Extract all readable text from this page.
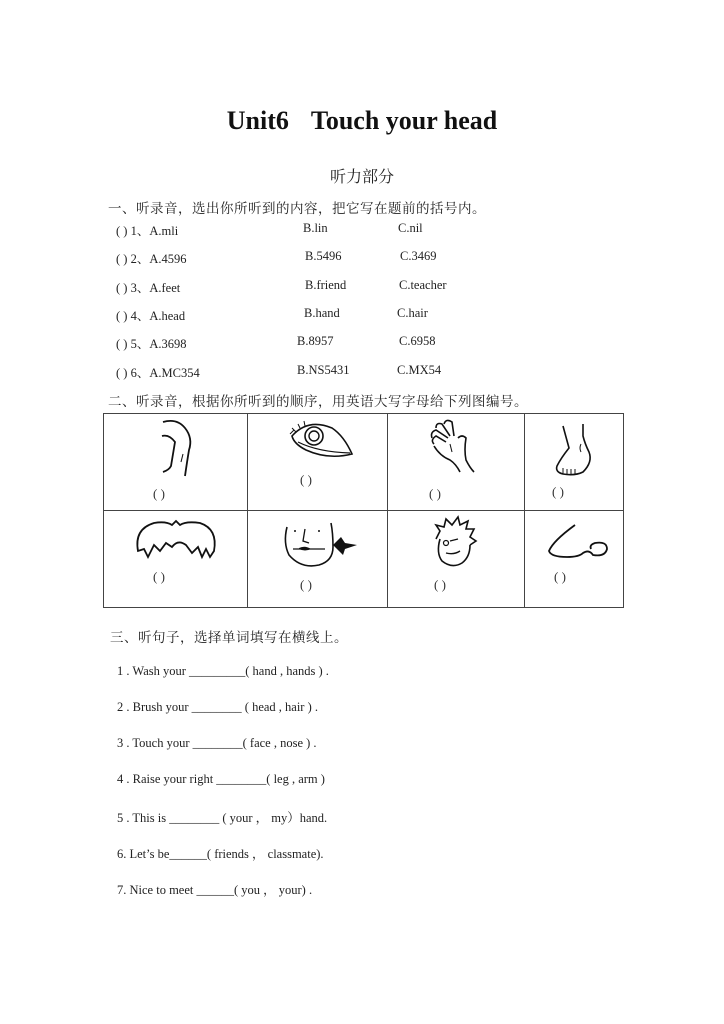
Unit6 Touch your head
听力部分
一、听录音，选出你所听到的内容，把它写在题前的括号内。
( ) 1、A.mli	B.lin	C.nil
( ) 2、A.4596	B.5496	C.3469
( ) 3、A.feet	B.friend	C.teacher
( ) 4、A.head	B.hand	C.hair
( ) 5、A.3698	B.8957	C.6958
( ) 6、A.MC354	B.NS5431	C.MX54
二、听录音，根据你所听到的顺序，用英语大写字母给下列图编号。
( )	( )	( )	( )

( )	( )	( )	( )
三、听句子，选择单词填写在横线上。
1 . Wash your _________( hand , hands ) .
2 . Brush your ________ ( head , hair ) .
3 . Touch your ________( face , nose ) .
4 . Raise your right ________( leg , arm )
5 . This is ________ ( your ， my）hand.
6. Let’s be______( friends ， classmate).
7. Nice to meet ______( you ， your) .
